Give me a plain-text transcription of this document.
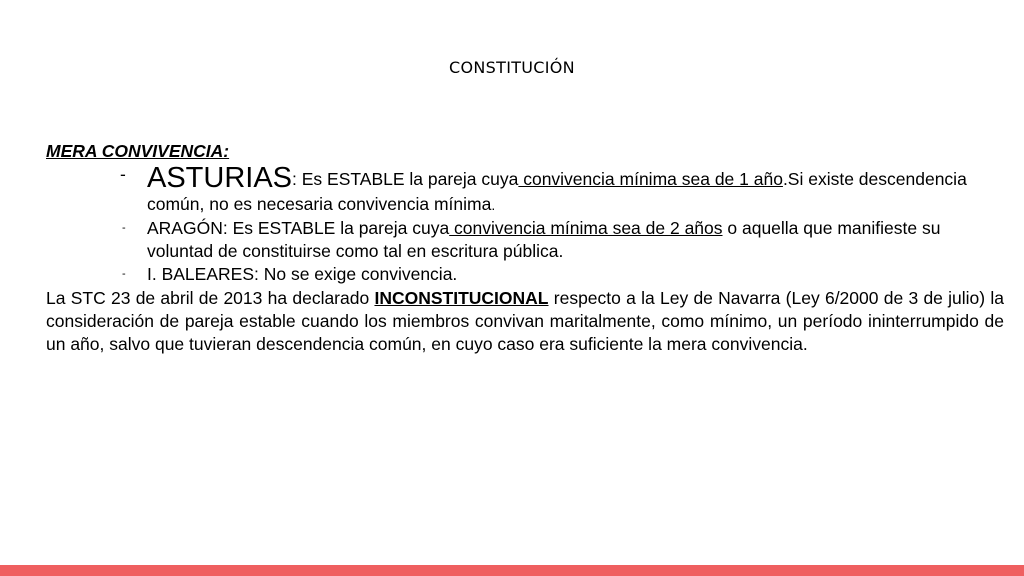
CONSTITUCIÓN
MERA CONVIVENCIA:
- ASTURIAS: Es ESTABLE la pareja cuya convivencia mínima sea de 1 año.Si existe descendencia común, no es necesaria convivencia mínima.
- ARAGÓN: Es ESTABLE la pareja cuya convivencia mínima sea de 2 años o aquella que manifieste su voluntad de constituirse como tal en escritura pública.
- I. BALEARES: No se exige convivencia.
La STC 23 de abril de 2013 ha declarado INCONSTITUCIONAL respecto a la Ley de Navarra (Ley 6/2000 de 3 de julio) la consideración de pareja estable cuando los miembros convivan maritalmente, como mínimo, un período ininterrumpido de un año, salvo que tuvieran descendencia común, en cuyo caso era suficiente la mera convivencia.
